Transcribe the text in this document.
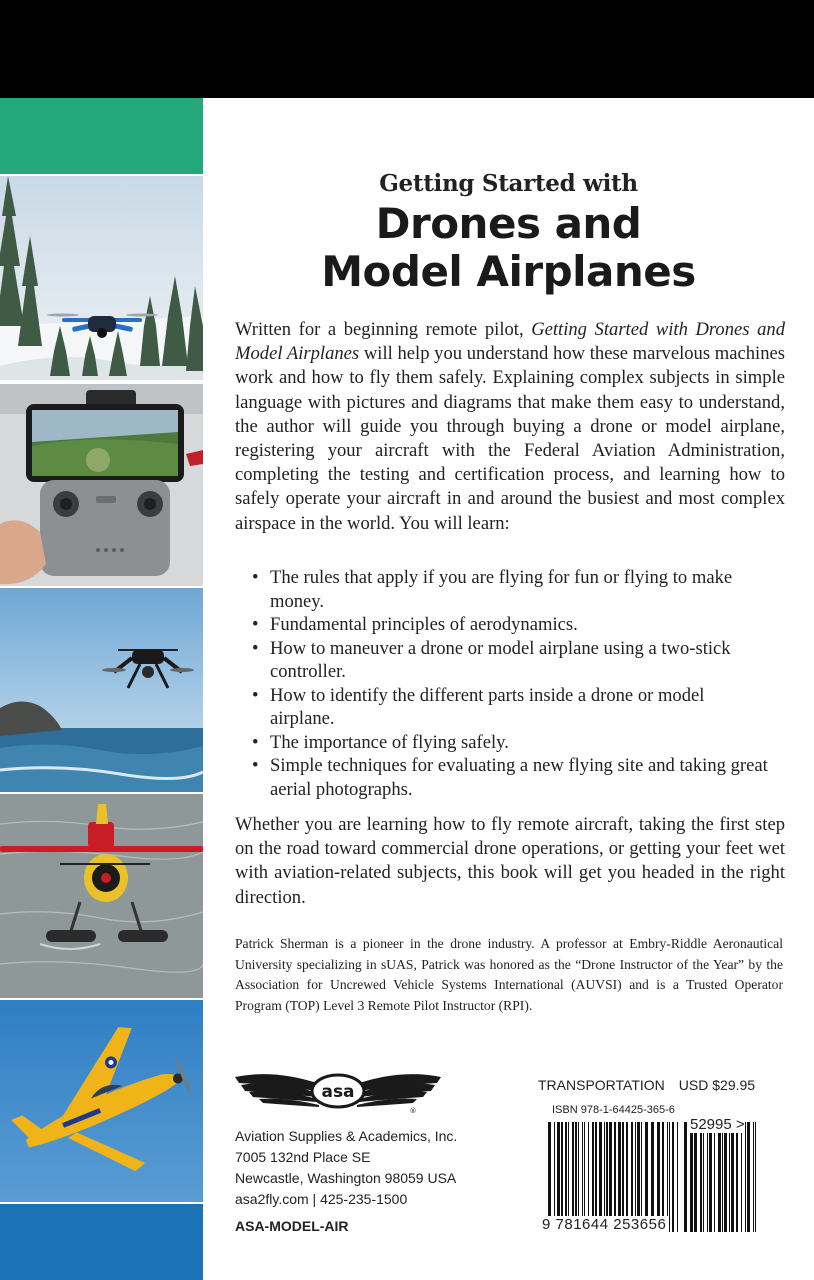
Getting Started with
Drones and
Model Airplanes
Written for a beginning remote pilot, Getting Started with Drones and Model Airplanes will help you understand how these marvelous machines work and how to fly them safely. Explaining complex subjects in simple language with pictures and diagrams that make them easy to understand, the author will guide you through buying a drone or model airplane, registering your aircraft with the Federal Aviation Administration, completing the testing and certification process, and learning how to safely operate your aircraft in and around the busiest and most complex airspace in the world. You will learn:
• The rules that apply if you are flying for fun or flying to make money.
• Fundamental principles of aerodynamics.
• How to maneuver a drone or model airplane using a two-stick controller.
• How to identify the different parts inside a drone or model airplane.
• The importance of flying safely.
• Simple techniques for evaluating a new flying site and taking great aerial photographs.
Whether you are learning how to fly remote aircraft, taking the first step on the road toward commercial drone operations, or getting your feet wet with aviation-related subjects, this book will get you headed in the right direction.
Patrick Sherman is a pioneer in the drone industry. A professor at Embry-Riddle Aeronautical University specializing in sUAS, Patrick was honored as the “Drone Instructor of the Year” by the Association for Uncrewed Vehicle Systems International (AUVSI) and is a Trusted Operator Program (TOP) Level 3 Remote Pilot Instructor (RPI).
asa
®
Aviation Supplies & Academics, Inc.
7005 132nd Place SE
Newcastle, Washington 98059 USA
asa2fly.com | 425-235-1500
ASA-MODEL-AIR
TRANSPORTATION USD $29.95
ISBN 978-1-64425-365-6
52995 >
9 781644 253656
